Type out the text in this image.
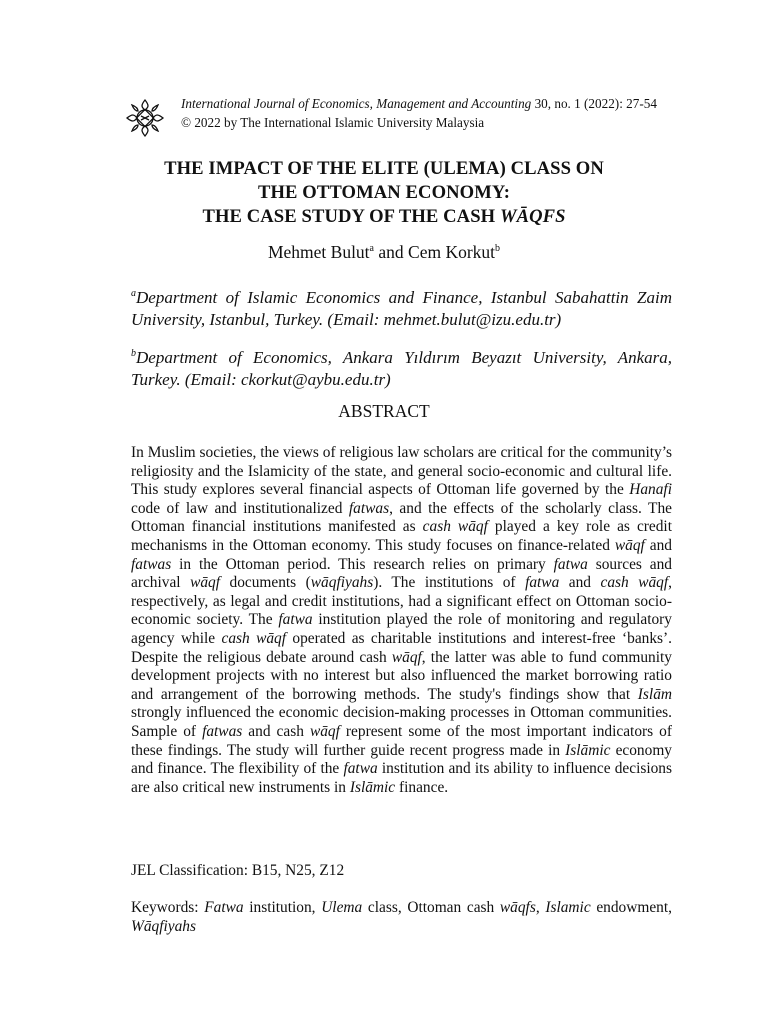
International Journal of Economics, Management and Accounting 30, no. 1 (2022): 27-54
© 2022 by The International Islamic University Malaysia
THE IMPACT OF THE ELITE (ULEMA) CLASS ON
THE OTTOMAN ECONOMY:
THE CASE STUDY OF THE CASH WĀQFS
Mehmet Bulut$^a$ and Cem Korkut$^b$
$^a$Department of Islamic Economics and Finance, Istanbul Sabahattin Zaim University, Istanbul, Turkey. (Email: mehmet.bulut@izu.edu.tr)
$^b$Department of Economics, Ankara Yıldırım Beyazıt University, Ankara, Turkey. (Email: ckorkut@aybu.edu.tr)
ABSTRACT
In Muslim societies, the views of religious law scholars are critical for the community’s religiosity and the Islamicity of the state, and general socio-economic and cultural life. This study explores several financial aspects of Ottoman life governed by the Hanafi code of law and institutionalized fatwas, and the effects of the scholarly class. The Ottoman financial institutions manifested as cash wāqf played a key role as credit mechanisms in the Ottoman economy. This study focuses on finance-related wāqf and fatwas in the Ottoman period. This research relies on primary fatwa sources and archival wāqf documents (wāqfiyahs). The institutions of fatwa and cash wāqf, respectively, as legal and credit institutions, had a significant effect on Ottoman socio-economic society. The fatwa institution played the role of monitoring and regulatory agency while cash wāqf operated as charitable institutions and interest-free ‘banks’. Despite the religious debate around cash wāqf, the latter was able to fund community development projects with no interest but also influenced the market borrowing ratio and arrangement of the borrowing methods. The study's findings show that Islām strongly influenced the economic decision-making processes in Ottoman communities. Sample of fatwas and cash wāqf represent some of the most important indicators of these findings. The study will further guide recent progress made in Islāmic economy and finance. The flexibility of the fatwa institution and its ability to influence decisions are also critical new instruments in Islāmic finance.
JEL Classification: B15, N25, Z12
Keywords: Fatwa institution, Ulema class, Ottoman cash wāqfs, Islamic endowment, Wāqfiyahs
